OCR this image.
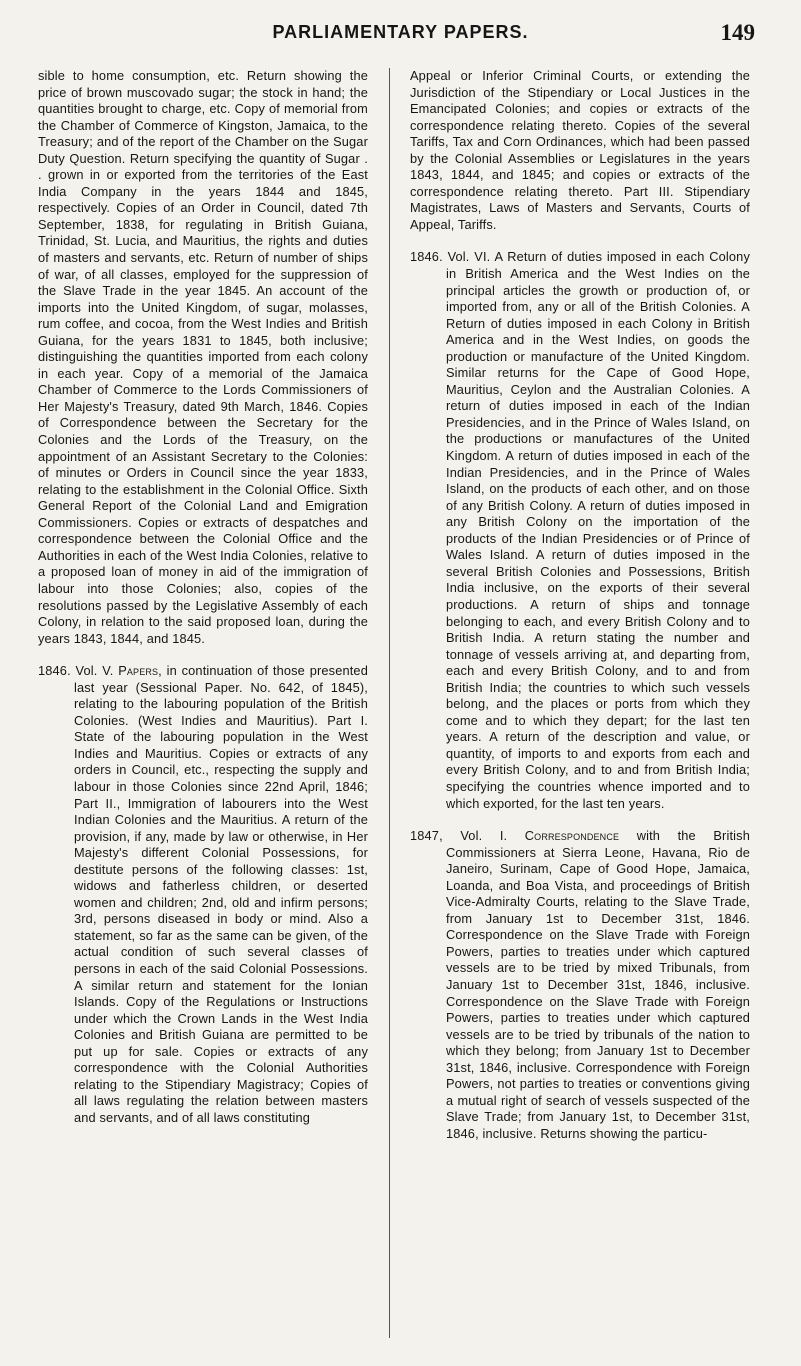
PARLIAMENTARY PAPERS.	149

sible to home consumption, etc. Return showing the price of brown muscovado sugar; the stock in hand; the quantities brought to charge, etc. Copy of memorial from the Chamber of Commerce of Kingston, Jamaica, to the Treasury; and of the report of the Chamber on the Sugar Duty Question. Return specifying the quantity of Sugar . . grown in or exported from the territories of the East India Company in the years 1844 and 1845, respectively. Copies of an Order in Council, dated 7th September, 1838, for regulating in British Guiana, Trinidad, St. Lucia, and Mauritius, the rights and duties of masters and servants, etc. Return of number of ships of war, of all classes, employed for the suppression of the Slave Trade in the year 1845. An account of the imports into the United Kingdom, of sugar, molasses, rum coffee, and cocoa, from the West Indies and British Guiana, for the years 1831 to 1845, both inclusive; distinguishing the quantities imported from each colony in each year. Copy of a memorial of the Jamaica Chamber of Commerce to the Lords Commissioners of Her Majesty's Treasury, dated 9th March, 1846. Copies of Correspondence between the Secretary for the Colonies and the Lords of the Treasury, on the appointment of an Assistant Secretary to the Colonies: of minutes or Orders in Council since the year 1833, relating to the establishment in the Colonial Office. Sixth General Report of the Colonial Land and Emigration Commissioners. Copies or extracts of despatches and correspondence between the Colonial Office and the Authorities in each of the West India Colonies, relative to a proposed loan of money in aid of the immigration of labour into those Colonies; also, copies of the resolutions passed by the Legislative Assembly of each Colony, in relation to the said proposed loan, during the years 1843, 1844, and 1845.

1846. Vol. V. Papers, in continuation of those presented last year (Sessional Paper. No. 642, of 1845), relating to the labouring population of the British Colonies. (West Indies and Mauritius). Part I. State of the labouring population in the West Indies and Mauritius. Copies or extracts of any orders in Council, etc., respecting the supply and labour in those Colonies since 22nd April, 1846; Part II., Immigration of labourers into the West Indian Colonies and the Mauritius. A return of the provision, if any, made by law or otherwise, in Her Majesty's different Colonial Possessions, for destitute persons of the following classes: 1st, widows and fatherless children, or deserted women and children; 2nd, old and infirm persons; 3rd, persons diseased in body or mind. Also a statement, so far as the same can be given, of the actual condition of such several classes of persons in each of the said Colonial Possessions. A similar return and statement for the Ionian Islands. Copy of the Regulations or Instructions under which the Crown Lands in the West India Colonies and British Guiana are permitted to be put up for sale. Copies or extracts of any correspondence with the Colonial Authorities relating to the Stipendiary Magistracy; Copies of all laws regulating the relation between masters and servants, and of all laws constituting

Appeal or Inferior Criminal Courts, or extending the Jurisdiction of the Stipendiary or Local Justices in the Emancipated Colonies; and copies or extracts of the correspondence relating thereto. Copies of the several Tariffs, Tax and Corn Ordinances, which had been passed by the Colonial Assemblies or Legislatures in the years 1843, 1844, and 1845; and copies or extracts of the correspondence relating thereto. Part III. Stipendiary Magistrates, Laws of Masters and Servants, Courts of Appeal, Tariffs.

1846. Vol. VI. A Return of duties imposed in each Colony in British America and the West Indies on the principal articles the growth or production of, or imported from, any or all of the British Colonies. A Return of duties imposed in each Colony in British America and in the West Indies, on goods the production or manufacture of the United Kingdom. Similar returns for the Cape of Good Hope, Mauritius, Ceylon and the Australian Colonies. A return of duties imposed in each of the Indian Presidencies, and in the Prince of Wales Island, on the productions or manufactures of the United Kingdom. A return of duties imposed in each of the Indian Presidencies, and in the Prince of Wales Island, on the products of each other, and on those of any British Colony. A return of duties imposed in any British Colony on the importation of the products of the Indian Presidencies or of Prince of Wales Island. A return of duties imposed in the several British Colonies and Possessions, British India inclusive, on the exports of their several productions. A return of ships and tonnage belonging to each, and every British Colony and to British India. A return stating the number and tonnage of vessels arriving at, and departing from, each and every British Colony, and to and from British India; the countries to which such vessels belong, and the places or ports from which they come and to which they depart; for the last ten years. A return of the description and value, or quantity, of imports to and exports from each and every British Colony, and to and from British India; specifying the countries whence imported and to which exported, for the last ten years.

1847, Vol. I. Correspondence with the British Commissioners at Sierra Leone, Havana, Rio de Janeiro, Surinam, Cape of Good Hope, Jamaica, Loanda, and Boa Vista, and proceedings of British Vice-Admiralty Courts, relating to the Slave Trade, from January 1st to December 31st, 1846. Correspondence on the Slave Trade with Foreign Powers, parties to treaties under which captured vessels are to be tried by mixed Tribunals, from January 1st to December 31st, 1846, inclusive. Correspondence on the Slave Trade with Foreign Powers, parties to treaties under which captured vessels are to be tried by tribunals of the nation to which they belong; from January 1st to December 31st, 1846, inclusive. Correspondence with Foreign Powers, not parties to treaties or conventions giving a mutual right of search of vessels suspected of the Slave Trade; from January 1st, to December 31st, 1846, inclusive. Returns showing the particu-
